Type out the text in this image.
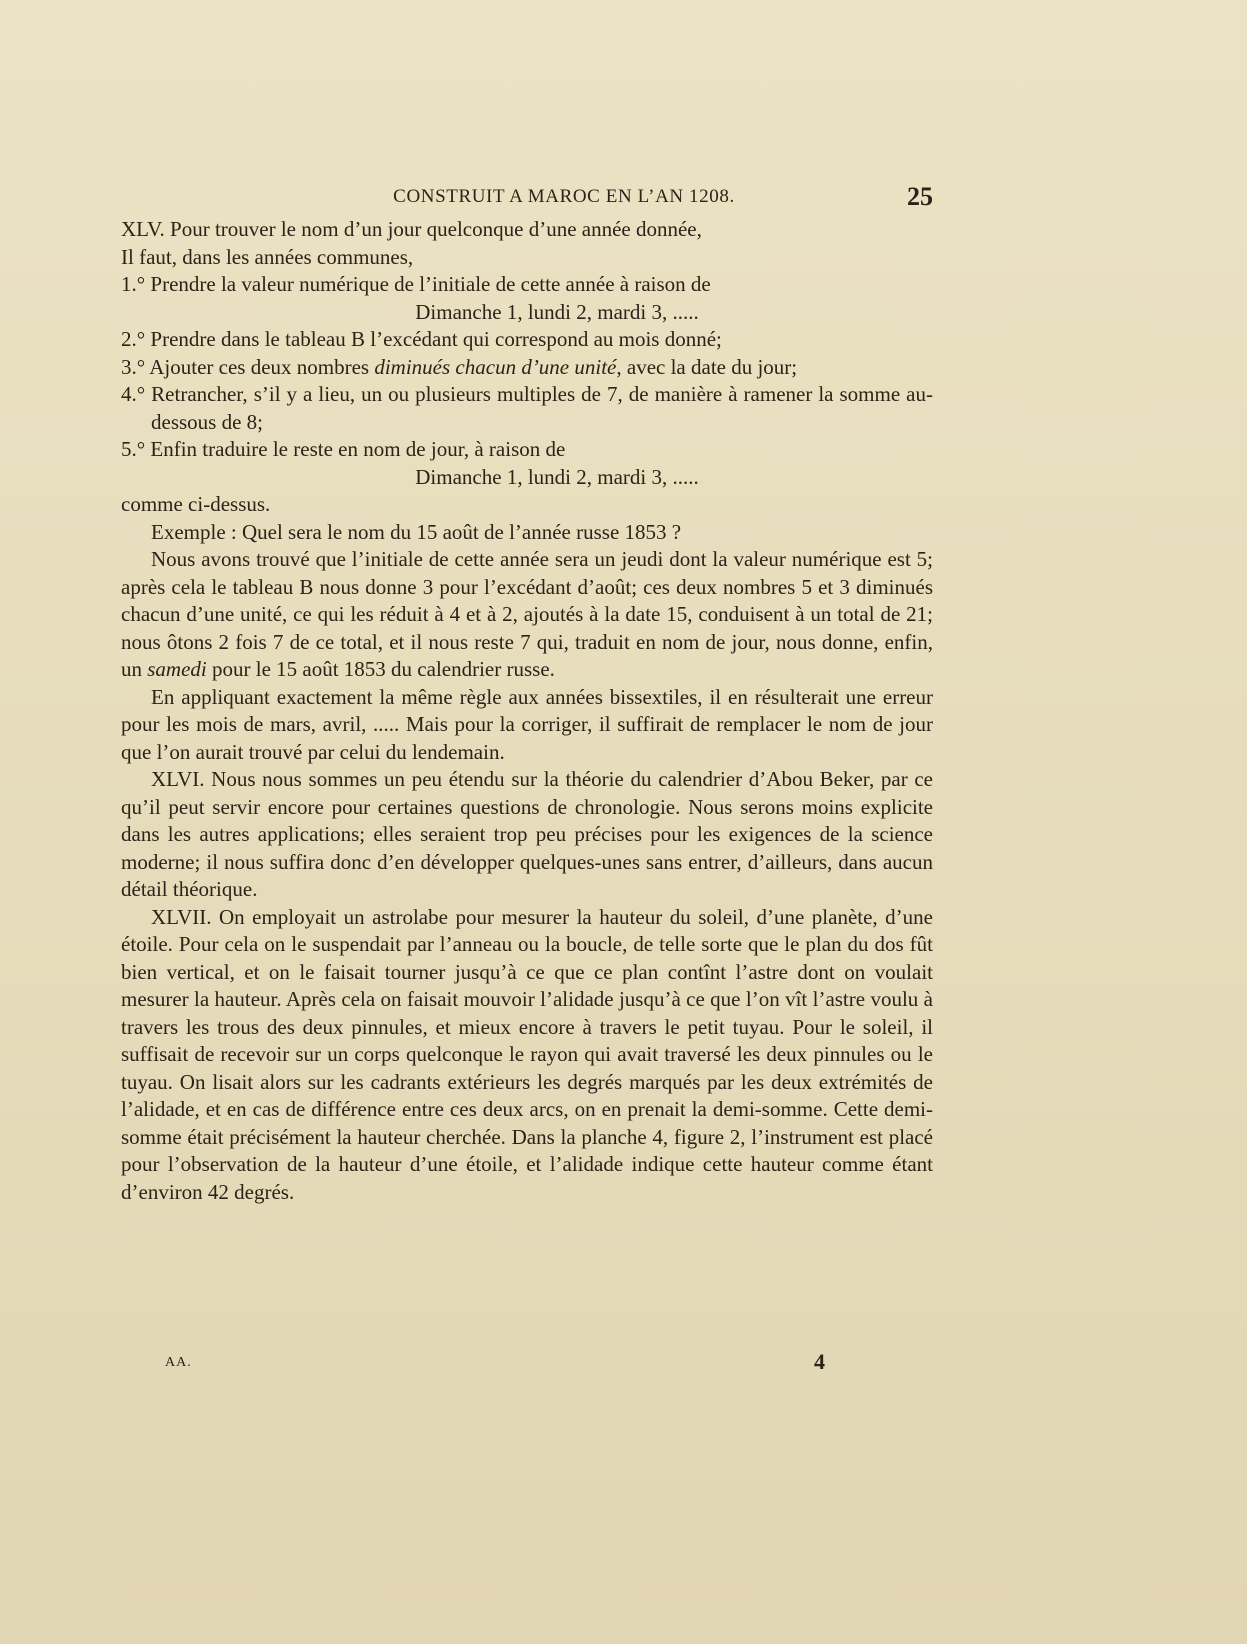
CONSTRUIT A MAROC EN L’AN 1208.	25

XLV. Pour trouver le nom d’un jour quelconque d’une année donnée,

Il faut, dans les années communes,

1.° Prendre la valeur numérique de l’initiale de cette année à raison de

Dimanche 1, lundi 2, mardi 3, .....

2.° Prendre dans le tableau B l’excédant qui correspond au mois donné;

3.° Ajouter ces deux nombres diminués chacun d’une unité, avec la date du jour;

4.° Retrancher, s’il y a lieu, un ou plusieurs multiples de 7, de manière à ramener la somme au-dessous de 8;

5.° Enfin traduire le reste en nom de jour, à raison de

Dimanche 1, lundi 2, mardi 3, .....

comme ci-dessus.

Exemple : Quel sera le nom du 15 août de l’année russe 1853 ?

Nous avons trouvé que l’initiale de cette année sera un jeudi dont la valeur numérique est 5; après cela le tableau B nous donne 3 pour l’excédant d’août; ces deux nombres 5 et 3 diminués chacun d’une unité, ce qui les réduit à 4 et à 2, ajoutés à la date 15, conduisent à un total de 21; nous ôtons 2 fois 7 de ce total, et il nous reste 7 qui, traduit en nom de jour, nous donne, enfin, un samedi pour le 15 août 1853 du calendrier russe.

En appliquant exactement la même règle aux années bissextiles, il en résulterait une erreur pour les mois de mars, avril, ..... Mais pour la corriger, il suffirait de remplacer le nom de jour que l’on aurait trouvé par celui du lendemain.

XLVI. Nous nous sommes un peu étendu sur la théorie du calendrier d’Abou Beker, par ce qu’il peut servir encore pour certaines questions de chronologie. Nous serons moins explicite dans les autres applications; elles seraient trop peu précises pour les exigences de la science moderne; il nous suffira donc d’en développer quelques-unes sans entrer, d’ailleurs, dans aucun détail théorique.

XLVII. On employait un astrolabe pour mesurer la hauteur du soleil, d’une planète, d’une étoile. Pour cela on le suspendait par l’anneau ou la boucle, de telle sorte que le plan du dos fût bien vertical, et on le faisait tourner jusqu’à ce que ce plan contînt l’astre dont on voulait mesurer la hauteur. Après cela on faisait mouvoir l’alidade jusqu’à ce que l’on vît l’astre voulu à travers les trous des deux pinnules, et mieux encore à travers le petit tuyau. Pour le soleil, il suffisait de recevoir sur un corps quelconque le rayon qui avait traversé les deux pinnules ou le tuyau. On lisait alors sur les cadrants extérieurs les degrés marqués par les deux extrémités de l’alidade, et en cas de différence entre ces deux arcs, on en prenait la demi-somme. Cette demi-somme était précisément la hauteur cherchée. Dans la planche 4, figure 2, l’instrument est placé pour l’observation de la hauteur d’une étoile, et l’alidade indique cette hauteur comme étant d’environ 42 degrés.

AA.	4
